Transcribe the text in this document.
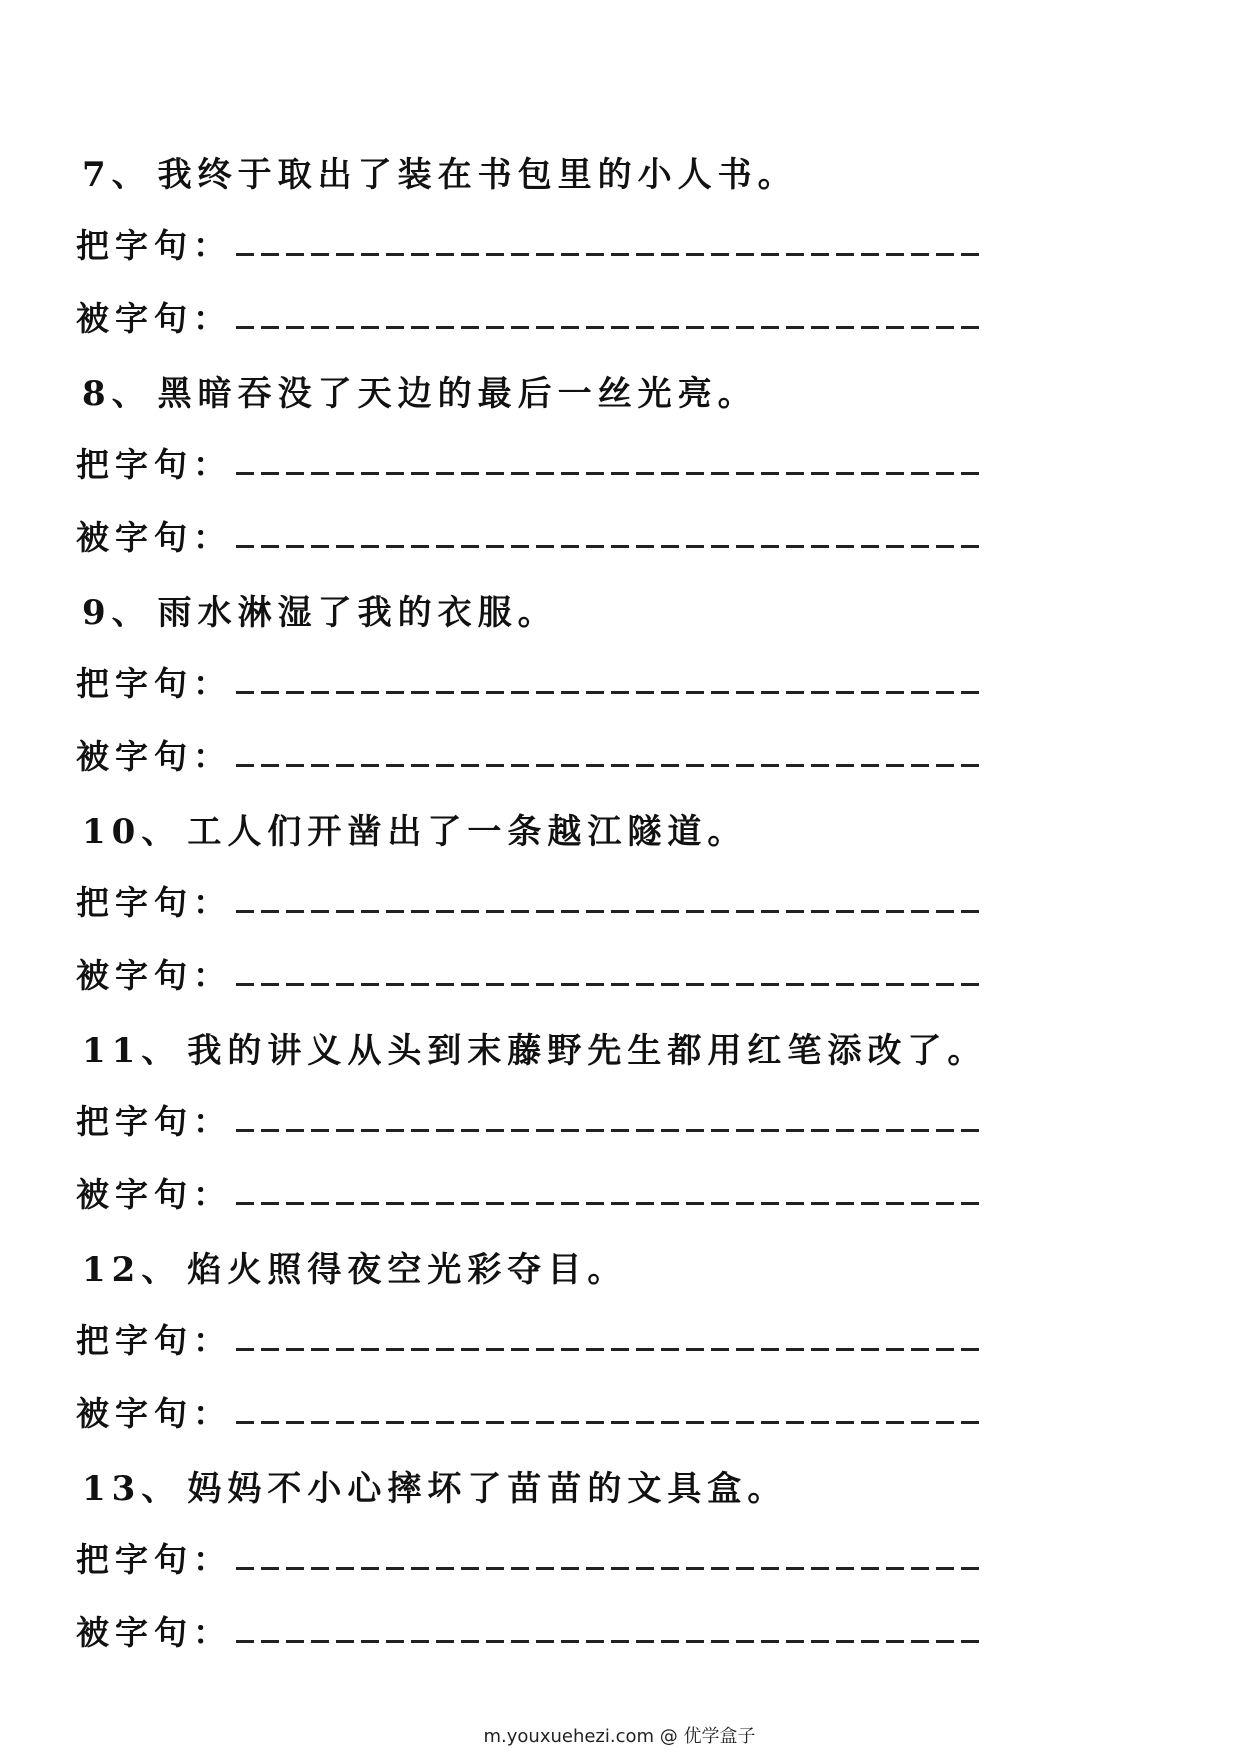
7、 我终于取出了装在书包里的小人书。
把字句：
被字句：
8、 黑暗吞没了天边的最后一丝光亮。
把字句：
被字句：
9、 雨水淋湿了我的衣服。
把字句：
被字句：
10、 工人们开凿出了一条越江隧道。
把字句：
被字句：
11、 我的讲义从头到末藤野先生都用红笔添改了。
把字句：
被字句：
12、 焰火照得夜空光彩夺目。
把字句：
被字句：
13、 妈妈不小心摔坏了苗苗的文具盒。
把字句：
被字句：
m.youxuehezi.com @ 优学盒子
